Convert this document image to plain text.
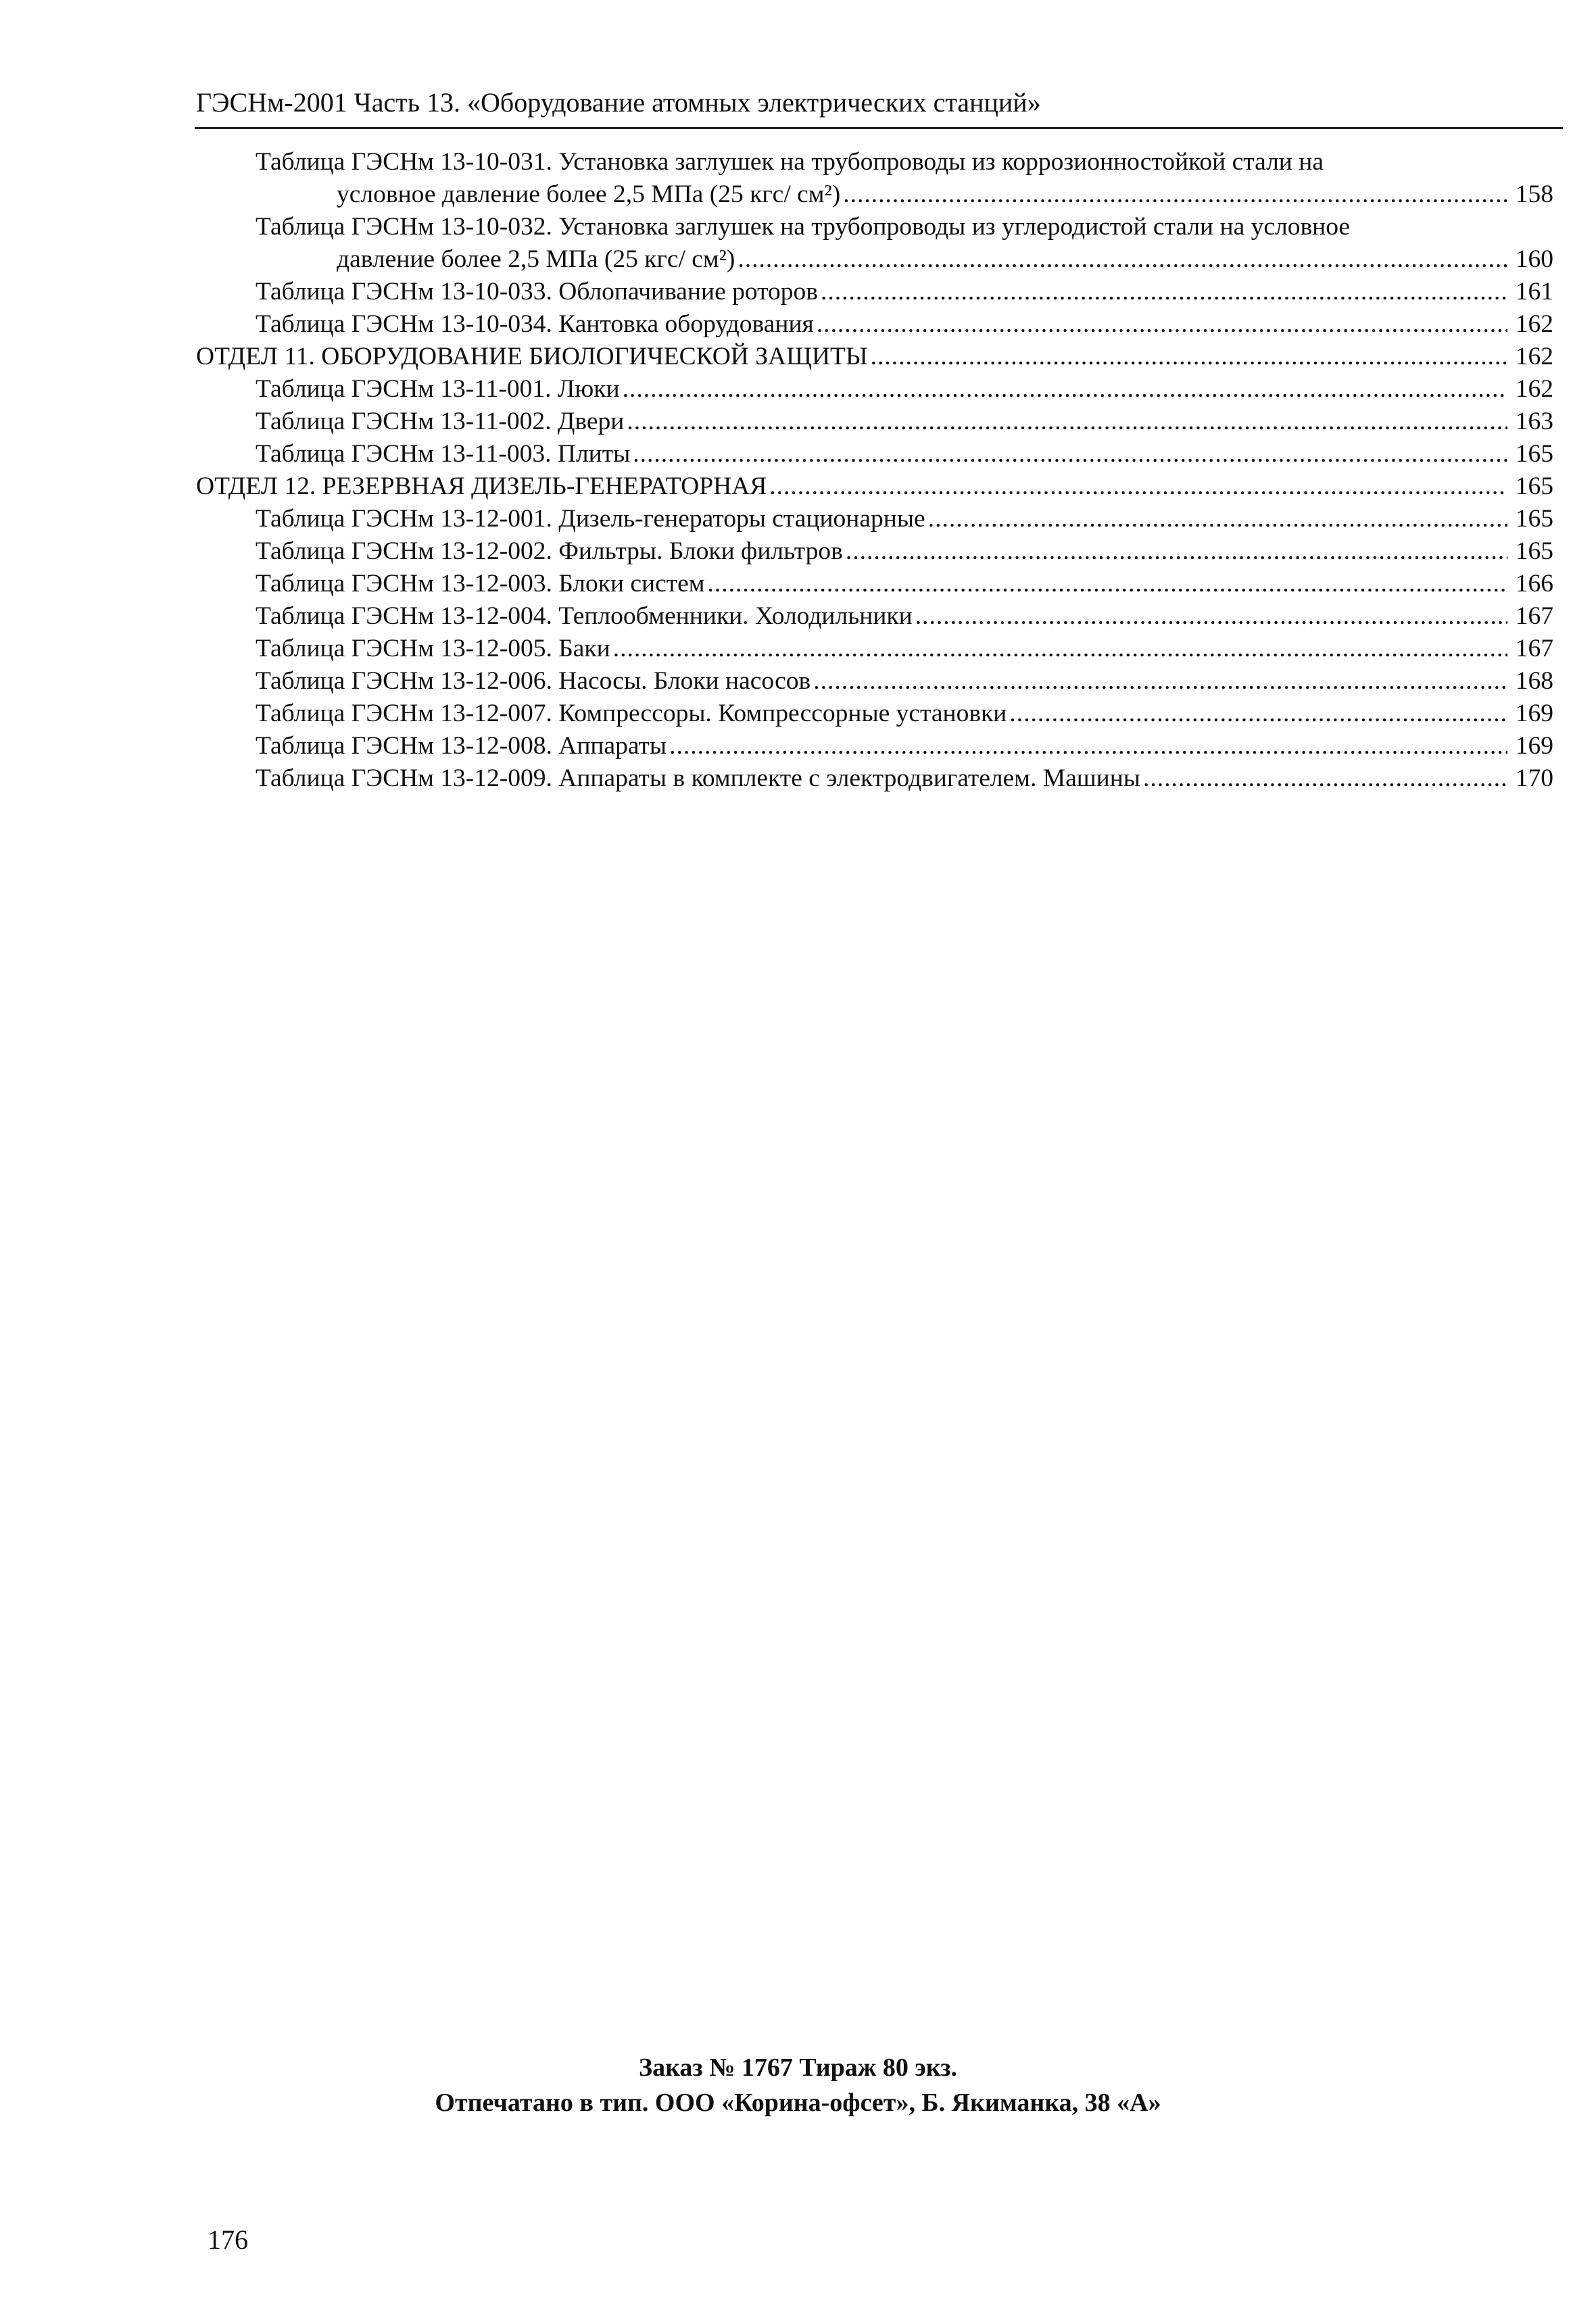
ГЭСНм-2001 Часть 13. «Оборудование атомных электрических станций»
Таблица ГЭСНм 13-10-031. Установка заглушек на трубопроводы из коррозионностойкой стали на
условное давление более 2,5 МПа (25 кгс/ см²) .....	158
Таблица ГЭСНм 13-10-032. Установка заглушек на трубопроводы из углеродистой стали на условное
давление более 2,5 МПа (25 кгс/ см²) .....	160
Таблица ГЭСНм 13-10-033. Облопачивание роторов .....	161
Таблица ГЭСНм 13-10-034. Кантовка оборудования .....	162
ОТДЕЛ 11. ОБОРУДОВАНИЕ БИОЛОГИЧЕСКОЙ ЗАЩИТЫ .....	162
Таблица ГЭСНм 13-11-001. Люки .....	162
Таблица ГЭСНм 13-11-002. Двери .....	163
Таблица ГЭСНм 13-11-003. Плиты .....	165
ОТДЕЛ 12. РЕЗЕРВНАЯ ДИЗЕЛЬ-ГЕНЕРАТОРНАЯ .....	165
Таблица ГЭСНм 13-12-001. Дизель-генераторы стационарные .....	165
Таблица ГЭСНм 13-12-002. Фильтры. Блоки фильтров .....	165
Таблица ГЭСНм 13-12-003. Блоки систем .....	166
Таблица ГЭСНм 13-12-004. Теплообменники. Холодильники .....	167
Таблица ГЭСНм 13-12-005. Баки .....	167
Таблица ГЭСНм 13-12-006. Насосы. Блоки насосов .....	168
Таблица ГЭСНм 13-12-007. Компрессоры. Компрессорные установки .....	169
Таблица ГЭСНм 13-12-008. Аппараты .....	169
Таблица ГЭСНм 13-12-009. Аппараты в комплекте с электродвигателем. Машины .....	170
Заказ № 1767 Тираж 80 экз.
Отпечатано в тип. ООО «Корина-офсет», Б. Якиманка, 38 «А»
176
